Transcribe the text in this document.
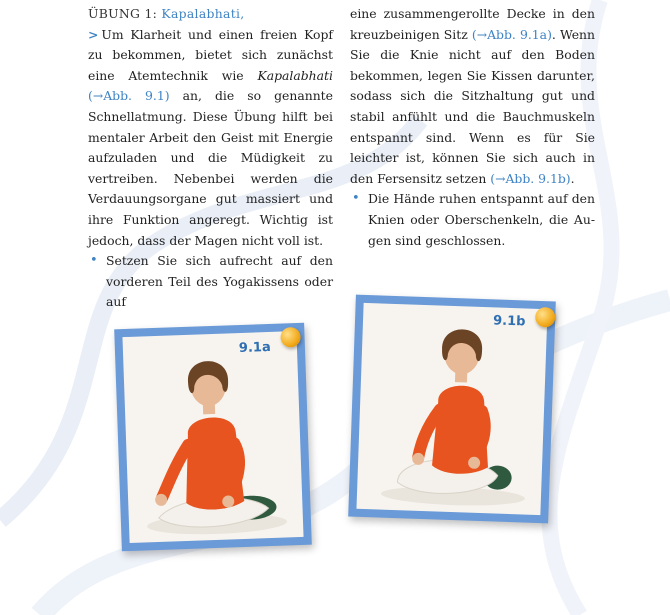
ÜBUNG 1: Kapalabhati,
> Um Klarheit und einen freien Kopf zu bekommen, bietet sich zunächst eine Atemtechnik wie Kapalabhati (→Abb. 9.1) an, die so genannte Schnellatmung. Diese Übung hilft bei mentaler Arbeit den Geist mit Energie aufzuladen und die Müdigkeit zu vertreiben. Nebenbei werden die Verdauungsorgane gut massiert und ihre Funktion angeregt. Wichtig ist jedoch, dass der Magen nicht voll ist.
• Setzen Sie sich aufrecht auf den vorderen Teil des Yogakissens oder auf
eine zusammengerollte Decke in den kreuzbeinigen Sitz (→Abb. 9.1a). Wenn Sie die Knie nicht auf den Boden bekommen, legen Sie Kissen darunter, sodass sich die Sitzhaltung gut und stabil anfühlt und die Bauchmuskeln entspannt sind. Wenn es für Sie leichter ist, können Sie sich auch in den Fersensitz setzen (→Abb. 9.1b).
• Die Hände ruhen entspannt auf den Knien oder Oberschenkeln, die Augen sind geschlossen.
9.1a
9.1b
